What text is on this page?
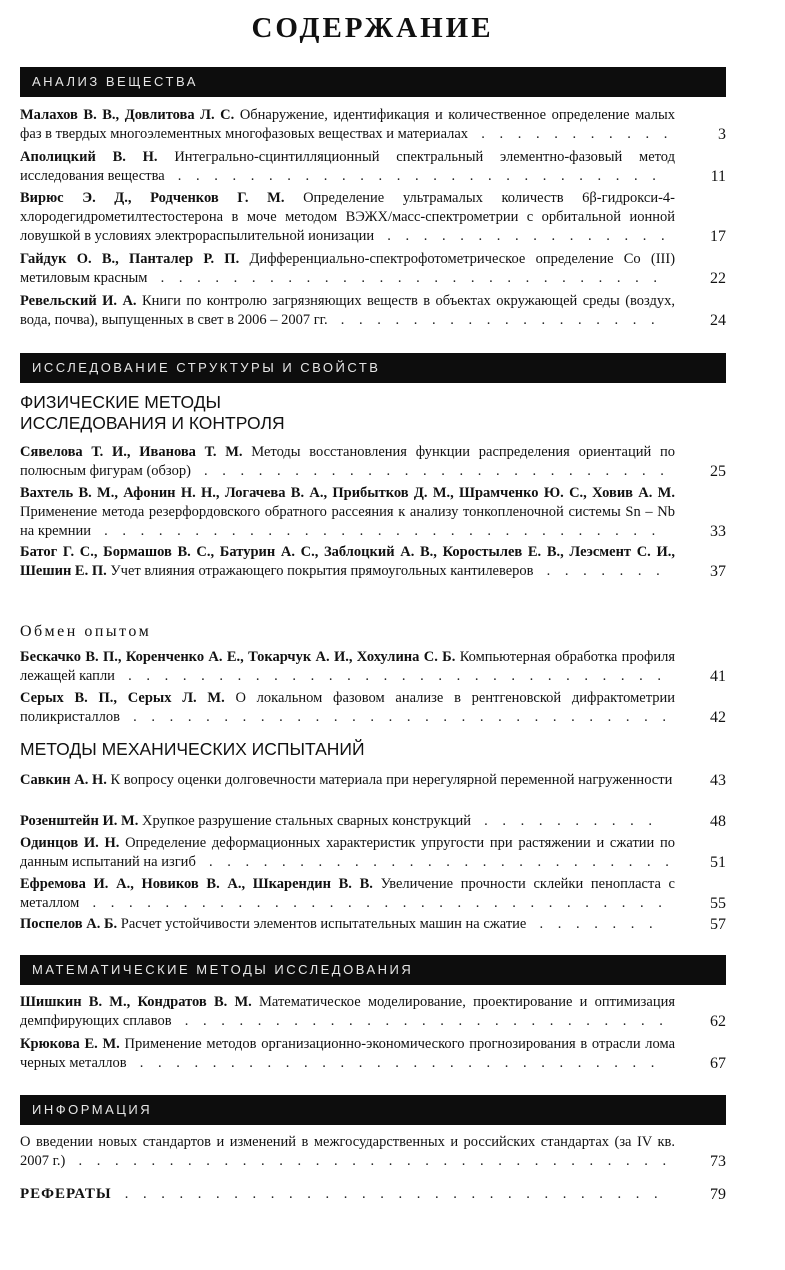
СОДЕРЖАНИЕ
АНАЛИЗ ВЕЩЕСТВА
Малахов В. В., Довлитова Л. С. Обнаружение, идентификация и количественное определение малых фаз в твердых многоэлементных многофазовых веществах и материалах . . . . . . . . . . .	3
Аполицкий В. Н. Интегрально-сцинтилляционный спектральный элементно-фазовый метод исследования вещества . . . . . . . . . . . . . . . . . . . . . . . . . . .	11
Вирюс Э. Д., Родченков Г. М. Определение ультрамалых количеств 6β-гидрокси-4-хлородегидрометилтестостерона в моче методом ВЭЖХ/масс-спектрометрии с орбитальной ионной ловушкой в условиях электрораспылительной ионизации . . . . . . . . . . . . . . . .	17
Гайдук О. В., Панталер Р. П. Дифференциально-спектрофотометрическое определение Co (III) метиловым красным . . . . . . . . . . . . . . . . . . . . . . . . . . . .	22
Ревельский И. А. Книги по контролю загрязняющих веществ в объектах окружающей среды (воздух, вода, почва), выпущенных в свет в 2006 – 2007 гг. . . . . . . . . . . . . . . . . . .	24
ИССЛЕДОВАНИЕ СТРУКТУРЫ И СВОЙСТВ
ФИЗИЧЕСКИЕ МЕТОДЫ
ИССЛЕДОВАНИЯ И КОНТРОЛЯ
Сявелова Т. И., Иванова Т. М. Методы восстановления функции распределения ориентаций по полюсным фигурам (обзор) . . . . . . . . . . . . . . . . . . . . . . . . . .	25
Вахтель В. М., Афонин Н. Н., Логачева В. А., Прибытков Д. М., Шрамченко Ю. С., Ховив А. М. Применение метода резерфордовского обратного рассеяния к анализу тонкопленочной системы Sn – Nb на кремнии . . . . . . . . . . . . . . . . . . . . . . . . . . . . . . .	33
Батог Г. С., Бормашов В. С., Батурин А. С., Заблоцкий А. В., Коростылев Е. В., Леэсмент С. И., Шешин Е. П. Учет влияния отражающего покрытия прямоугольных кантилеверов . . . . . . .	37
Обмен опытом
Бескачко В. П., Коренченко А. Е., Токарчук А. И., Хохулина С. Б. Компьютерная обработка профиля лежащей капли . . . . . . . . . . . . . . . . . . . . . . . . . . . . . .	41
Серых В. П., Серых Л. М. О локальном фазовом анализе в рентгеновской дифрактометрии поликристаллов . . . . . . . . . . . . . . . . . . . . . . . . . . . . . .	42
МЕТОДЫ МЕХАНИЧЕСКИХ ИСПЫТАНИЙ
Савкин А. Н. К вопросу оценки долговечности материала при нерегулярной переменной нагруженности	43
Розенштейн И. М. Хрупкое разрушение стальных сварных конструкций . . . . . . . . . .	48
Одинцов И. Н. Определение деформационных характеристик упругости при растяжении и сжатии по данным испытаний на изгиб . . . . . . . . . . . . . . . . . . . . . . . . . .	51
Ефремова И. А., Новиков В. А., Шкарендин В. В. Увеличение прочности склейки пенопласта с металлом . . . . . . . . . . . . . . . . . . . . . . . . . . . . . . . .	55
Поспелов А. Б. Расчет устойчивости элементов испытательных машин на сжатие . . . . . . .	57
МАТЕМАТИЧЕСКИЕ МЕТОДЫ ИССЛЕДОВАНИЯ
Шишкин В. М., Кондратов В. М. Математическое моделирование, проектирование и оптимизация демпфирующих сплавов . . . . . . . . . . . . . . . . . . . . . . . . . . .	62
Крюкова Е. М. Применение методов организационно-экономического прогнозирования в отрасли лома черных металлов . . . . . . . . . . . . . . . . . . . . . . . . . . . . .	67
ИНФОРМАЦИЯ
О введении новых стандартов и изменений в межгосударственных и российских стандартах (за IV кв. 2007 г.) . . . . . . . . . . . . . . . . . . . . . . . . . . . . . . . . .	73
РЕФЕРАТЫ . . . . . . . . . . . . . . . . . . . . . . . . . . . . . .	79
